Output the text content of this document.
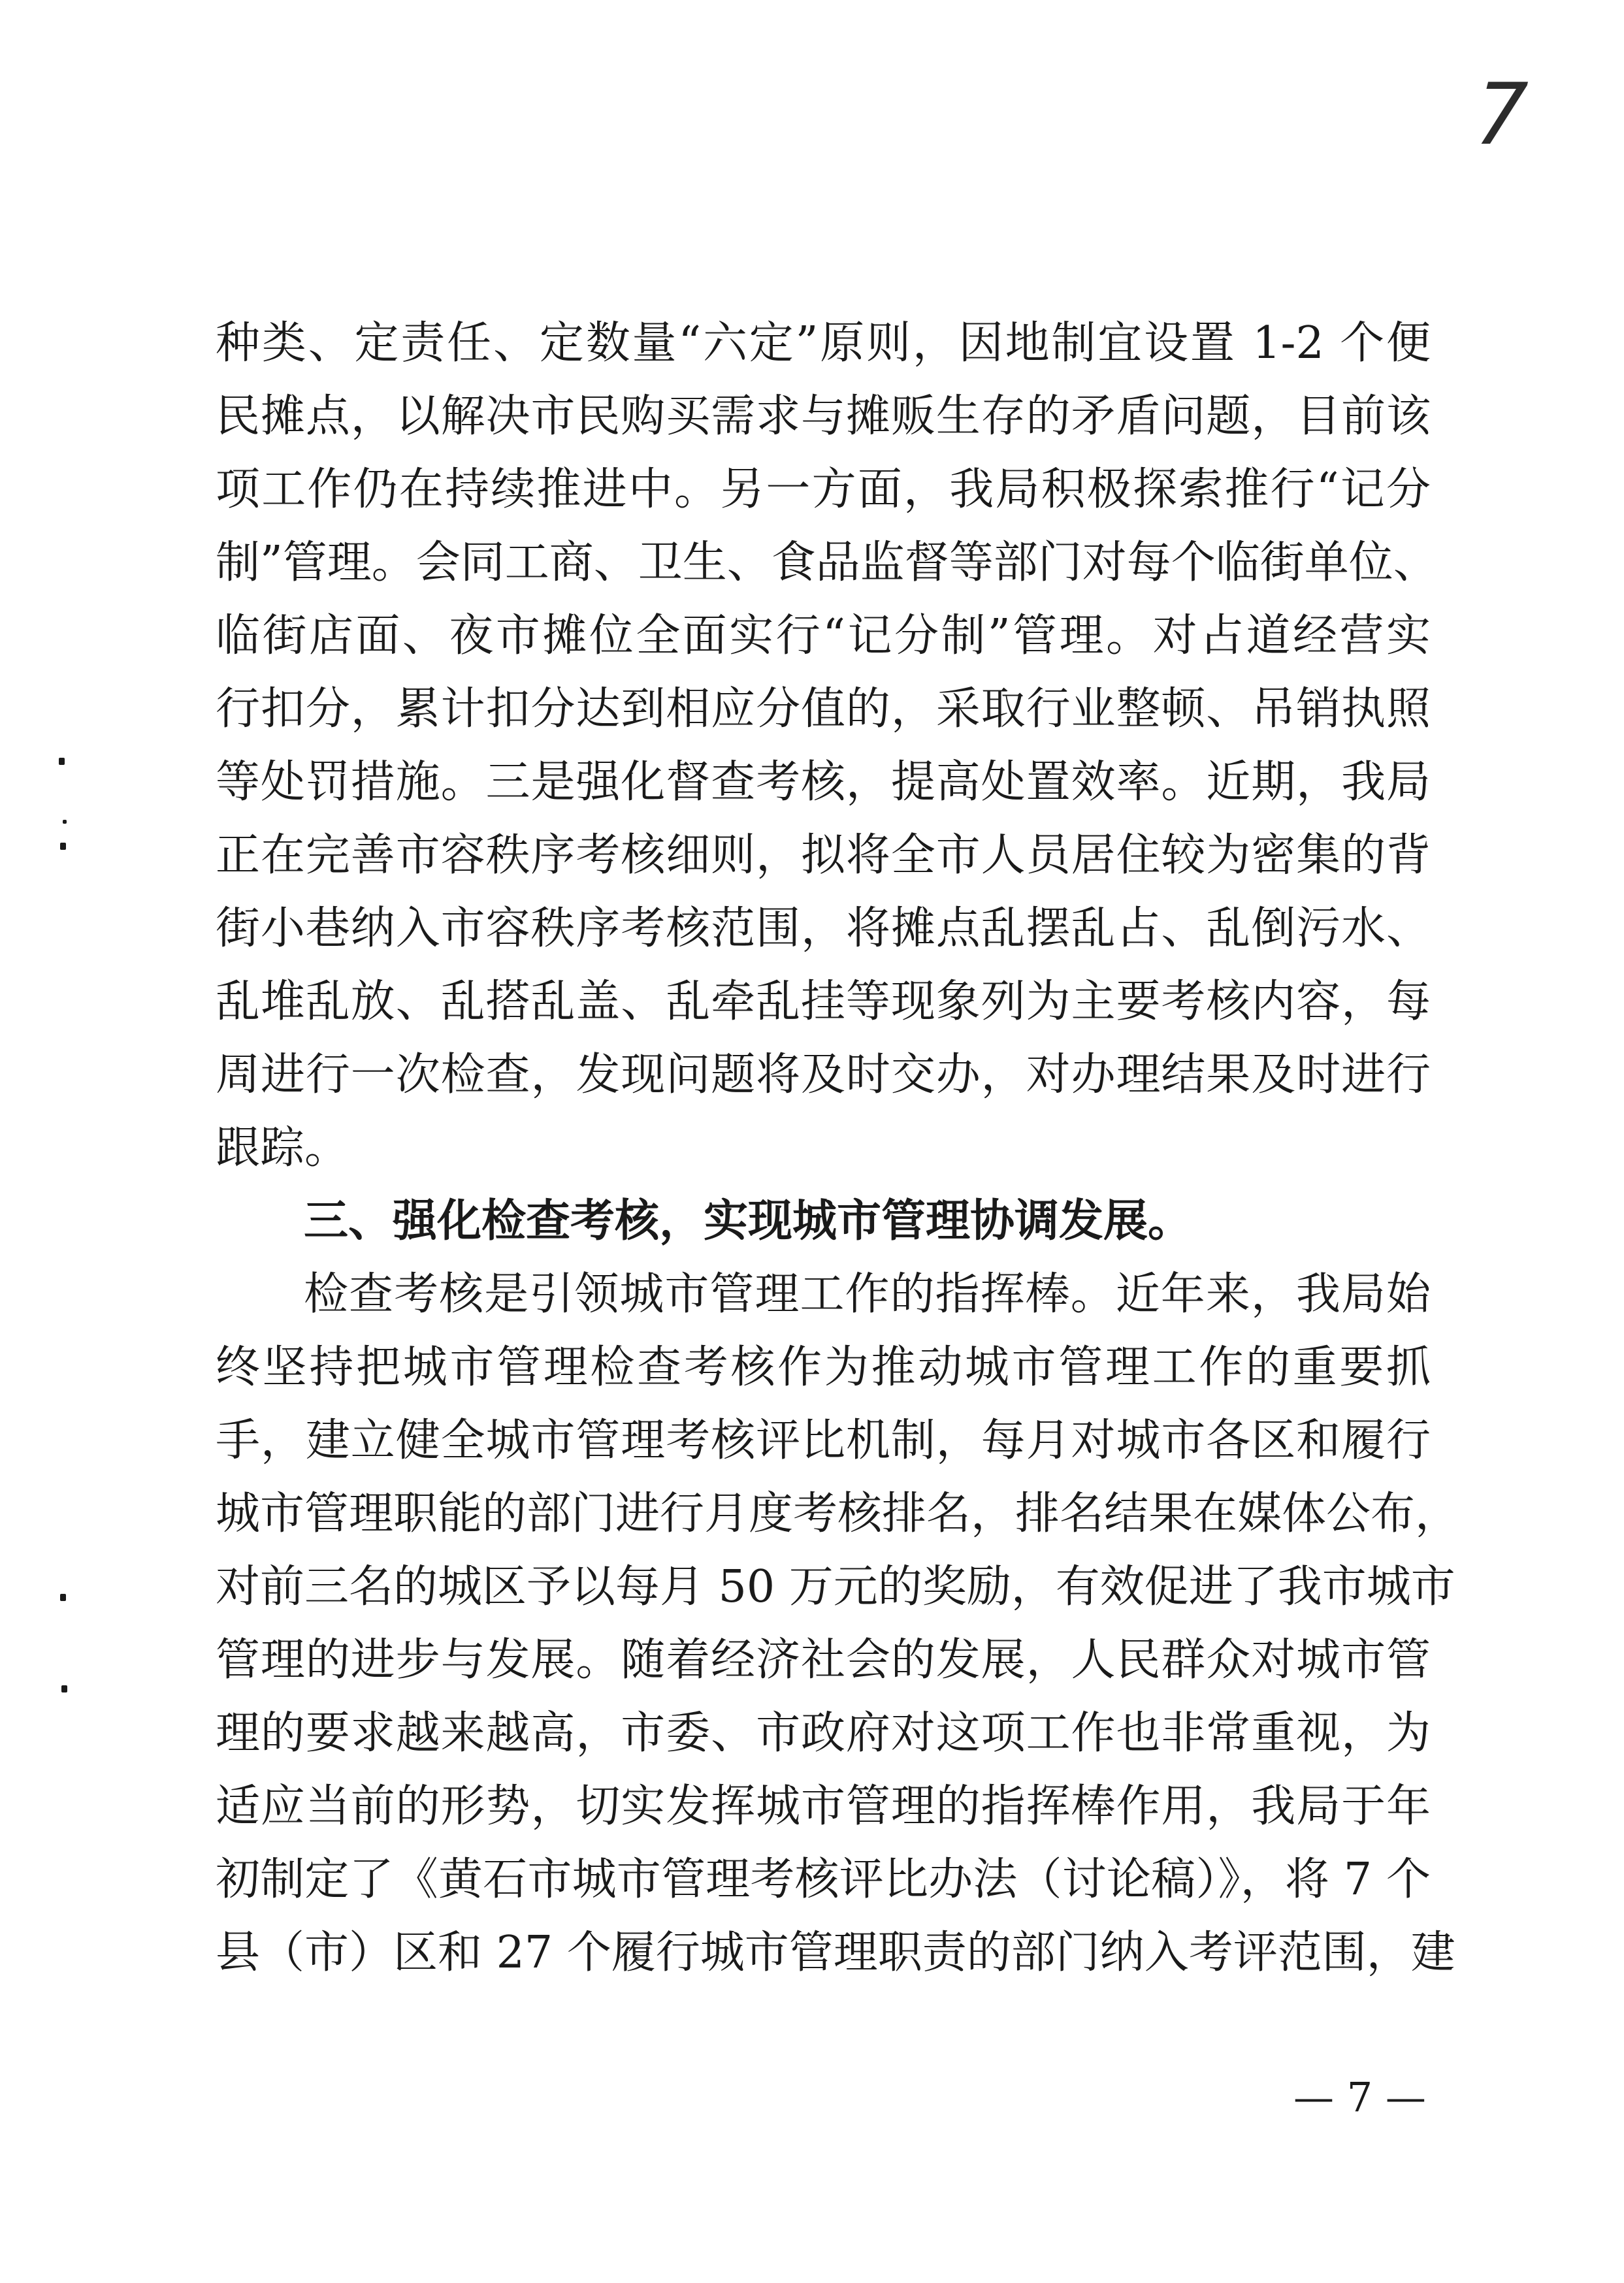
7
种类、定责任、定数量“六定”原则，因地制宜设置 1-2 个便
民摊点，以解决市民购买需求与摊贩生存的矛盾问题，目前该
项工作仍在持续推进中。另一方面，我局积极探索推行“记分
制”管理。会同工商、卫生、食品监督等部门对每个临街单位、
临街店面、夜市摊位全面实行“记分制”管理。对占道经营实
行扣分，累计扣分达到相应分值的，采取行业整顿、吊销执照
等处罚措施。三是强化督查考核，提高处置效率。近期，我局
正在完善市容秩序考核细则，拟将全市人员居住较为密集的背
街小巷纳入市容秩序考核范围，将摊点乱摆乱占、乱倒污水、
乱堆乱放、乱搭乱盖、乱牵乱挂等现象列为主要考核内容，每
周进行一次检查，发现问题将及时交办，对办理结果及时进行
跟踪。
三、强化检查考核，实现城市管理协调发展。
检查考核是引领城市管理工作的指挥棒。近年来，我局始
终坚持把城市管理检查考核作为推动城市管理工作的重要抓
手，建立健全城市管理考核评比机制，每月对城市各区和履行
城市管理职能的部门进行月度考核排名，排名结果在媒体公布，
对前三名的城区予以每月 50 万元的奖励，有效促进了我市城市
管理的进步与发展。随着经济社会的发展，人民群众对城市管
理的要求越来越高，市委、市政府对这项工作也非常重视，为
适应当前的形势，切实发挥城市管理的指挥棒作用，我局于年
初制定了《黄石市城市管理考核评比办法（讨论稿）》，将 7 个
县（市）区和 27 个履行城市管理职责的部门纳入考评范围，建
— 7 —
